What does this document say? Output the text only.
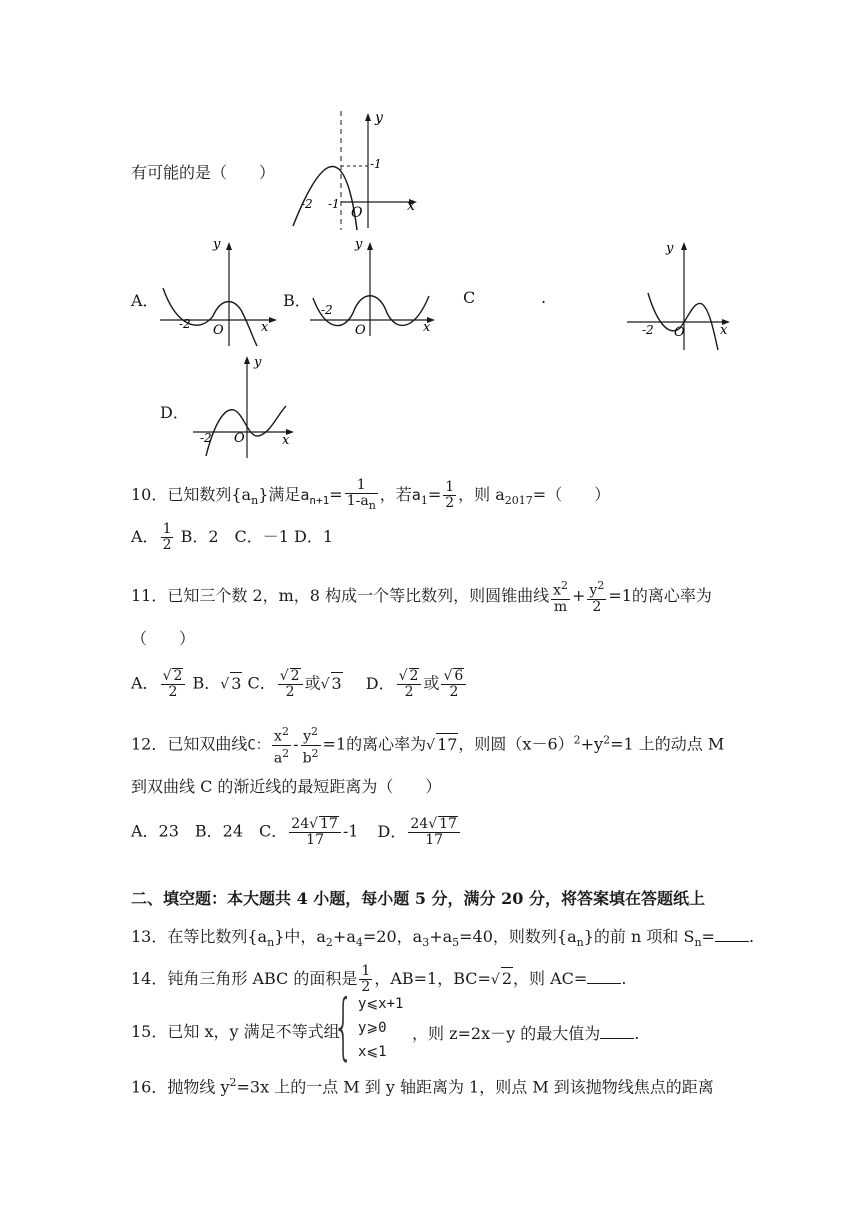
有可能的是（　　）
y
x
O
-2 -1
-1
A．
y
x
O
-2
B．
y
x
O
-2
C	.
y
x
O
-2
D．
y
x
O
-2
10．已知数列$\{a_n\}$满足$a_{n+1}= \frac{1}{1-a_n}$ ，若$a_1= \frac{1}{2}$ ，则 $a_{2017}=$（　　）
A． $\frac{1}{2}$ B．2　C．－1 D．1
11．已知三个数 2，m，8 构成一个等比数列，则圆锥曲线 $\frac{x^2}{m} + \frac{y^2}{2} =1$的离心率为
（　　）
A． $\frac{√ 2}{2}$ B．√ 3 C． $\frac{√ 2}{2}$ 或√ 3 D． $\frac{√ 2}{2}$ 或 $\frac{√ 6}{2}$
12．已知双曲线C： $\frac{x^2}{a^2} - \frac{y^2}{b^2} =1$的离心率为√ 17，则圆$(x-6)^2+y^2=1$ 上的动点 M
到双曲线 C 的渐近线的最短距离为（　　）
A．23　B．24　C． $\frac{24√ 17}{17} -1$ D． $\frac{24√ 17}{17}$
二、填空题：本大题共 4 小题，每小题 5 分，满分 20 分，将答案填在答题纸上
13．在等比数列$\{a_n\}$中，$a_2+a_4=20$，$a_3+a_5=40$，则数列$\{a_n\}$的前 n 项和 $S_n=$ .
14．钝角三角形 ABC 的面积是 $\frac{1}{2}$ ，AB=1，BC=√ 2，则 AC= .
15．已知 x，y 满足不等式组
{ y⩽x+1
y⩾0
x⩽1
，则 z=2x－y 的最大值为 .
16．抛物线 $y^2=3x$ 上的一点 M 到 y 轴距离为 1，则点 M 到该抛物线焦点的距离
